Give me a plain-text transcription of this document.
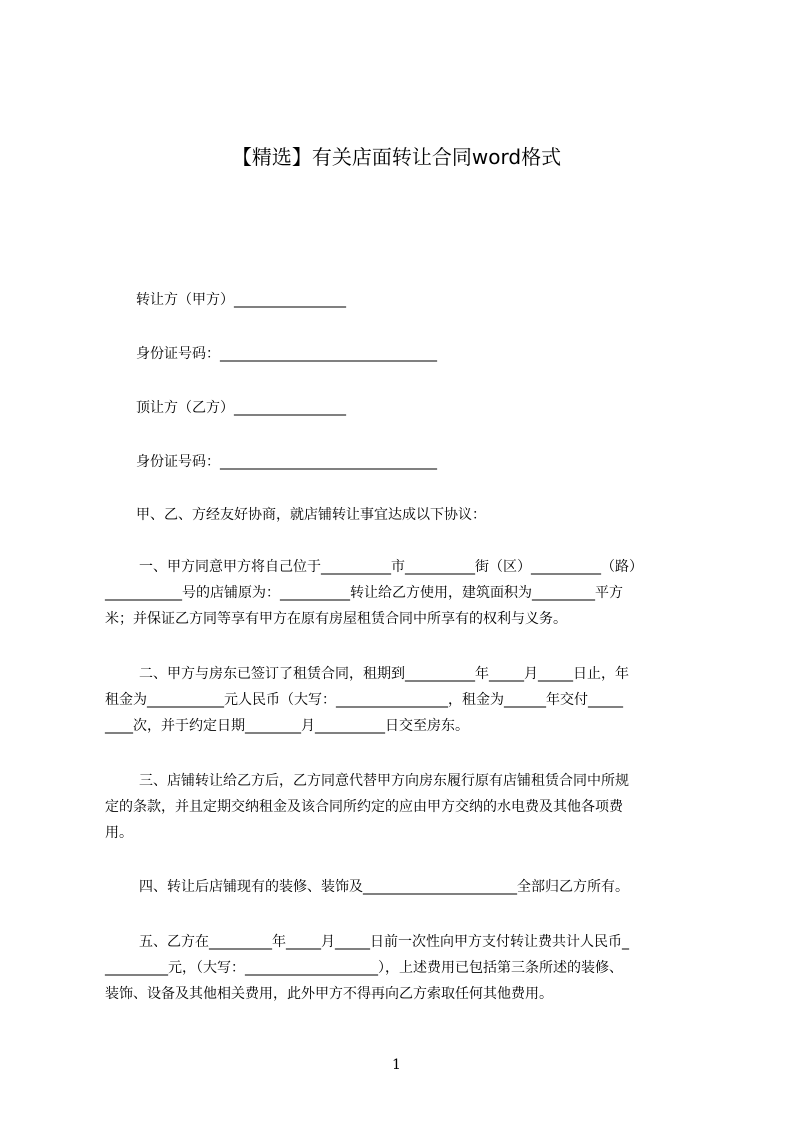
【精选】有关店面转让合同word格式
转让方（甲方）________________
身份证号码：_______________________________
顶让方（乙方）________________
身份证号码：_______________________________
甲、乙、方经友好协商，就店铺转让事宜达成以下协议：
一、甲方同意甲方将自己位于__________市__________街（区）__________（路）
___________号的店铺原为：__________转让给乙方使用，建筑面积为_________平方
米；并保证乙方同等享有甲方在原有房屋租赁合同中所享有的权利与义务。
二、甲方与房东已签订了租赁合同，租期到__________年_____月_____日止，年
租金为___________元人民币（大写：________________，租金为______年交付_____
____次，并于约定日期________月__________日交至房东。
三、店铺转让给乙方后，乙方同意代替甲方向房东履行原有店铺租赁合同中所规
定的条款，并且定期交纳租金及该合同所约定的应由甲方交纳的水电费及其他各项费
用。
四、转让后店铺现有的装修、装饰及______________________全部归乙方所有。
五、乙方在_________年_____月_____日前一次性向甲方支付转让费共计人民币_
_________元，（大写：___________________），上述费用已包括第三条所述的装修、
装饰、设备及其他相关费用，此外甲方不得再向乙方索取任何其他费用。
1
